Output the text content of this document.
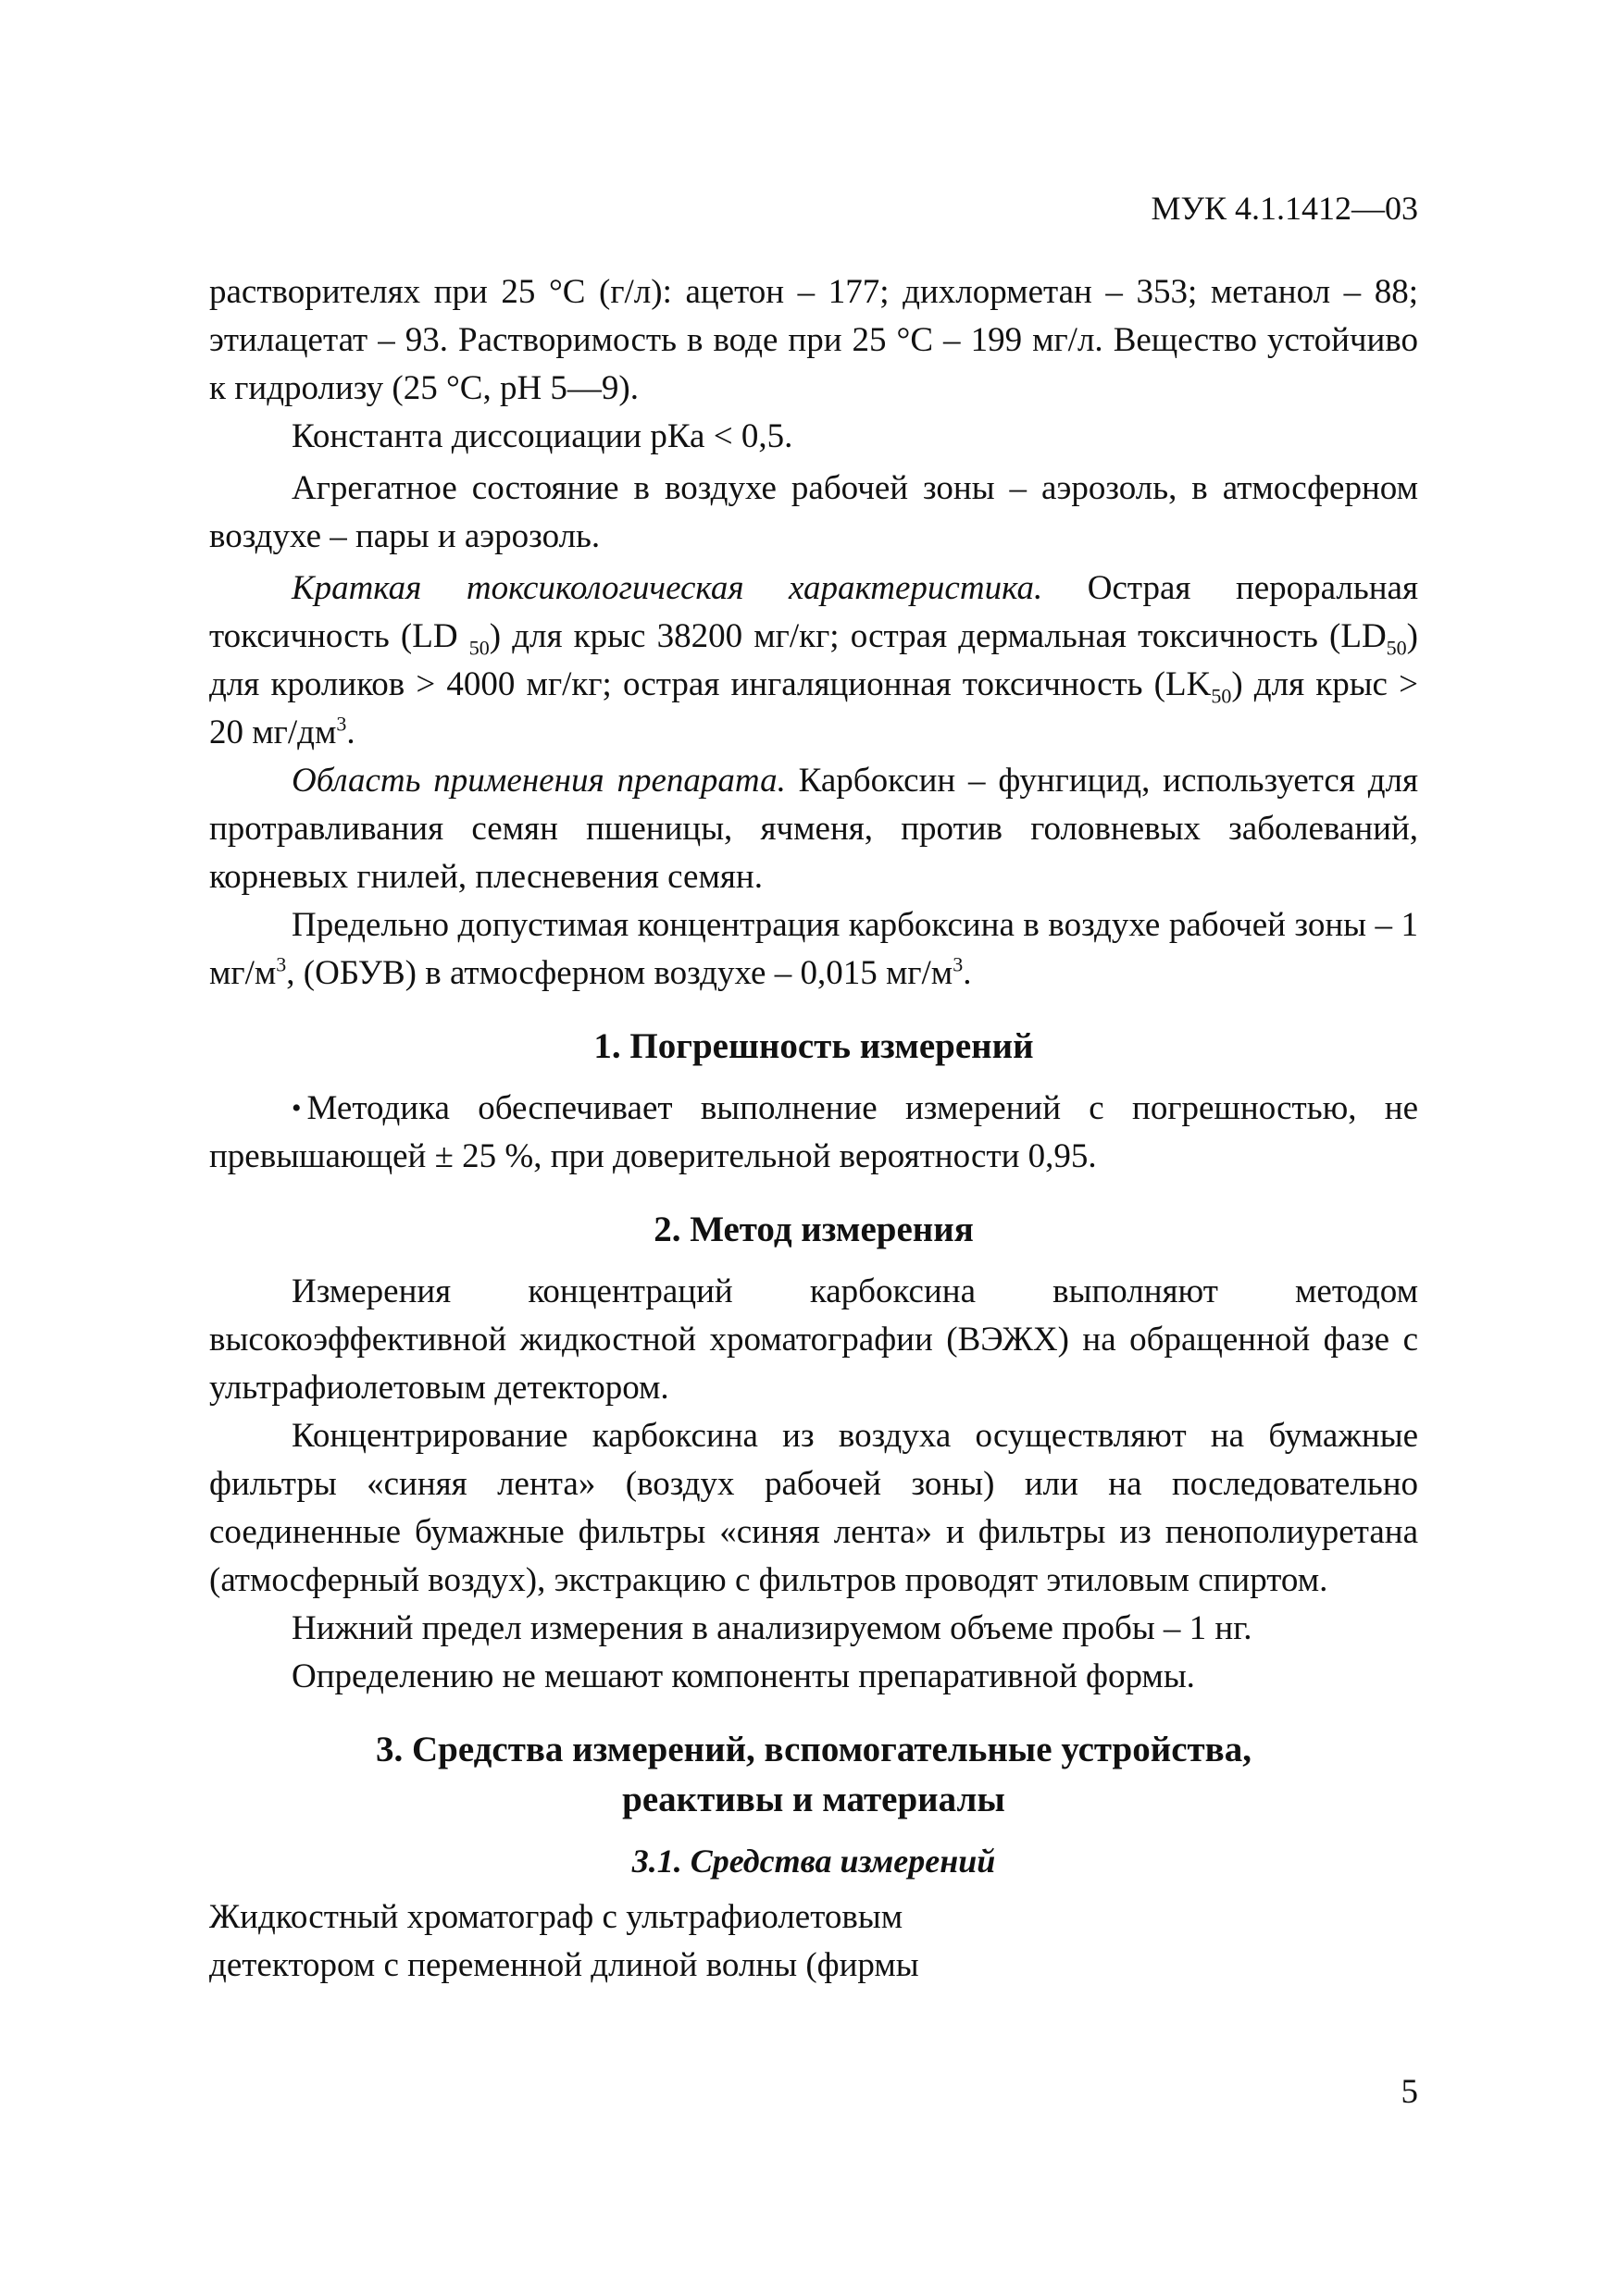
МУК 4.1.1412—03

растворителях при 25 °С (г/л): ацетон – 177; дихлорметан – 353; метанол – 88; этилацетат – 93. Растворимость в воде при 25 °С – 199 мг/л. Вещество устойчиво к гидролизу (25 °С, рН 5—9).

Константа диссоциации рКа < 0,5.

Агрегатное состояние в воздухе рабочей зоны – аэрозоль, в атмосферном воздухе – пары и аэрозоль.

Краткая токсикологическая характеристика. Острая пероральная токсичность (LD $_{50}$) для крыс 38200 мг/кг; острая дермальная токсичность $(LD_{50})$ для кроликов > 4000 мг/кг; острая ингаляционная токсичность $(LK_{50})$ для крыс > 20 $мг/дм^3$.

Область применения препарата. Карбоксин – фунгицид, используется для протравливания семян пшеницы, ячменя, против головневых заболеваний, корневых гнилей, плесневения семян.

Предельно допустимая концентрация карбоксина в воздухе рабочей зоны – 1 $мг/м^3$, (ОБУВ) в атмосферном воздухе – 0,015 $мг/м^3$.

1. Погрешность измерений

• Методика обеспечивает выполнение измерений с погрешностью, не превышающей ± 25 %, при доверительной вероятности 0,95.

2. Метод измерения

Измерения концентраций карбоксина выполняют методом высокоэффективной жидкостной хроматографии (ВЭЖХ) на обращенной фазе с ультрафиолетовым детектором.

Концентрирование карбоксина из воздуха осуществляют на бумажные фильтры «синяя лента» (воздух рабочей зоны) или на последовательно соединенные бумажные фильтры «синяя лента» и фильтры из пенополиуретана (атмосферный воздух), экстракцию с фильтров проводят этиловым спиртом.

Нижний предел измерения в анализируемом объеме пробы – 1 нг.

Определению не мешают компоненты препаративной формы.

3. Средства измерений, вспомогательные устройства,
реактивы и материалы
3.1. Средства измерений

Жидкостный хроматограф с ультрафиолетовым

детектором с переменной длиной волны (фирмы

5
